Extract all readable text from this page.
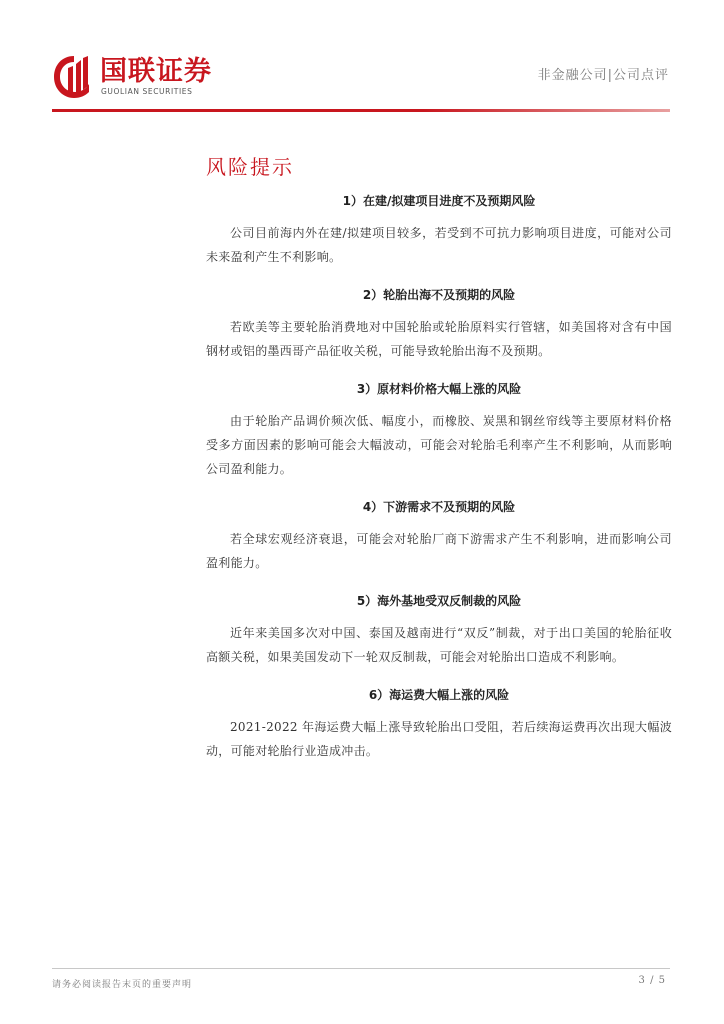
国联证券
GUOLIAN SECURITIES
非金融公司|公司点评
风险提示
1）在建/拟建项目进度不及预期风险

公司目前海内外在建/拟建项目较多，若受到不可抗力影响项目进度，可能对公司未来盈利产生不利影响。

2）轮胎出海不及预期的风险

若欧美等主要轮胎消费地对中国轮胎或轮胎原料实行管辖，如美国将对含有中国钢材或铝的墨西哥产品征收关税，可能导致轮胎出海不及预期。

3）原材料价格大幅上涨的风险

由于轮胎产品调价频次低、幅度小，而橡胶、炭黑和钢丝帘线等主要原材料价格受多方面因素的影响可能会大幅波动，可能会对轮胎毛利率产生不利影响，从而影响公司盈利能力。

4）下游需求不及预期的风险

若全球宏观经济衰退，可能会对轮胎厂商下游需求产生不利影响，进而影响公司盈利能力。

5）海外基地受双反制裁的风险

近年来美国多次对中国、泰国及越南进行“双反”制裁，对于出口美国的轮胎征收高额关税，如果美国发动下一轮双反制裁，可能会对轮胎出口造成不利影响。

6）海运费大幅上涨的风险

2021-2022 年海运费大幅上涨导致轮胎出口受阻，若后续海运费再次出现大幅波动，可能对轮胎行业造成冲击。

请务必阅读报告末页的重要声明	3 / 5
